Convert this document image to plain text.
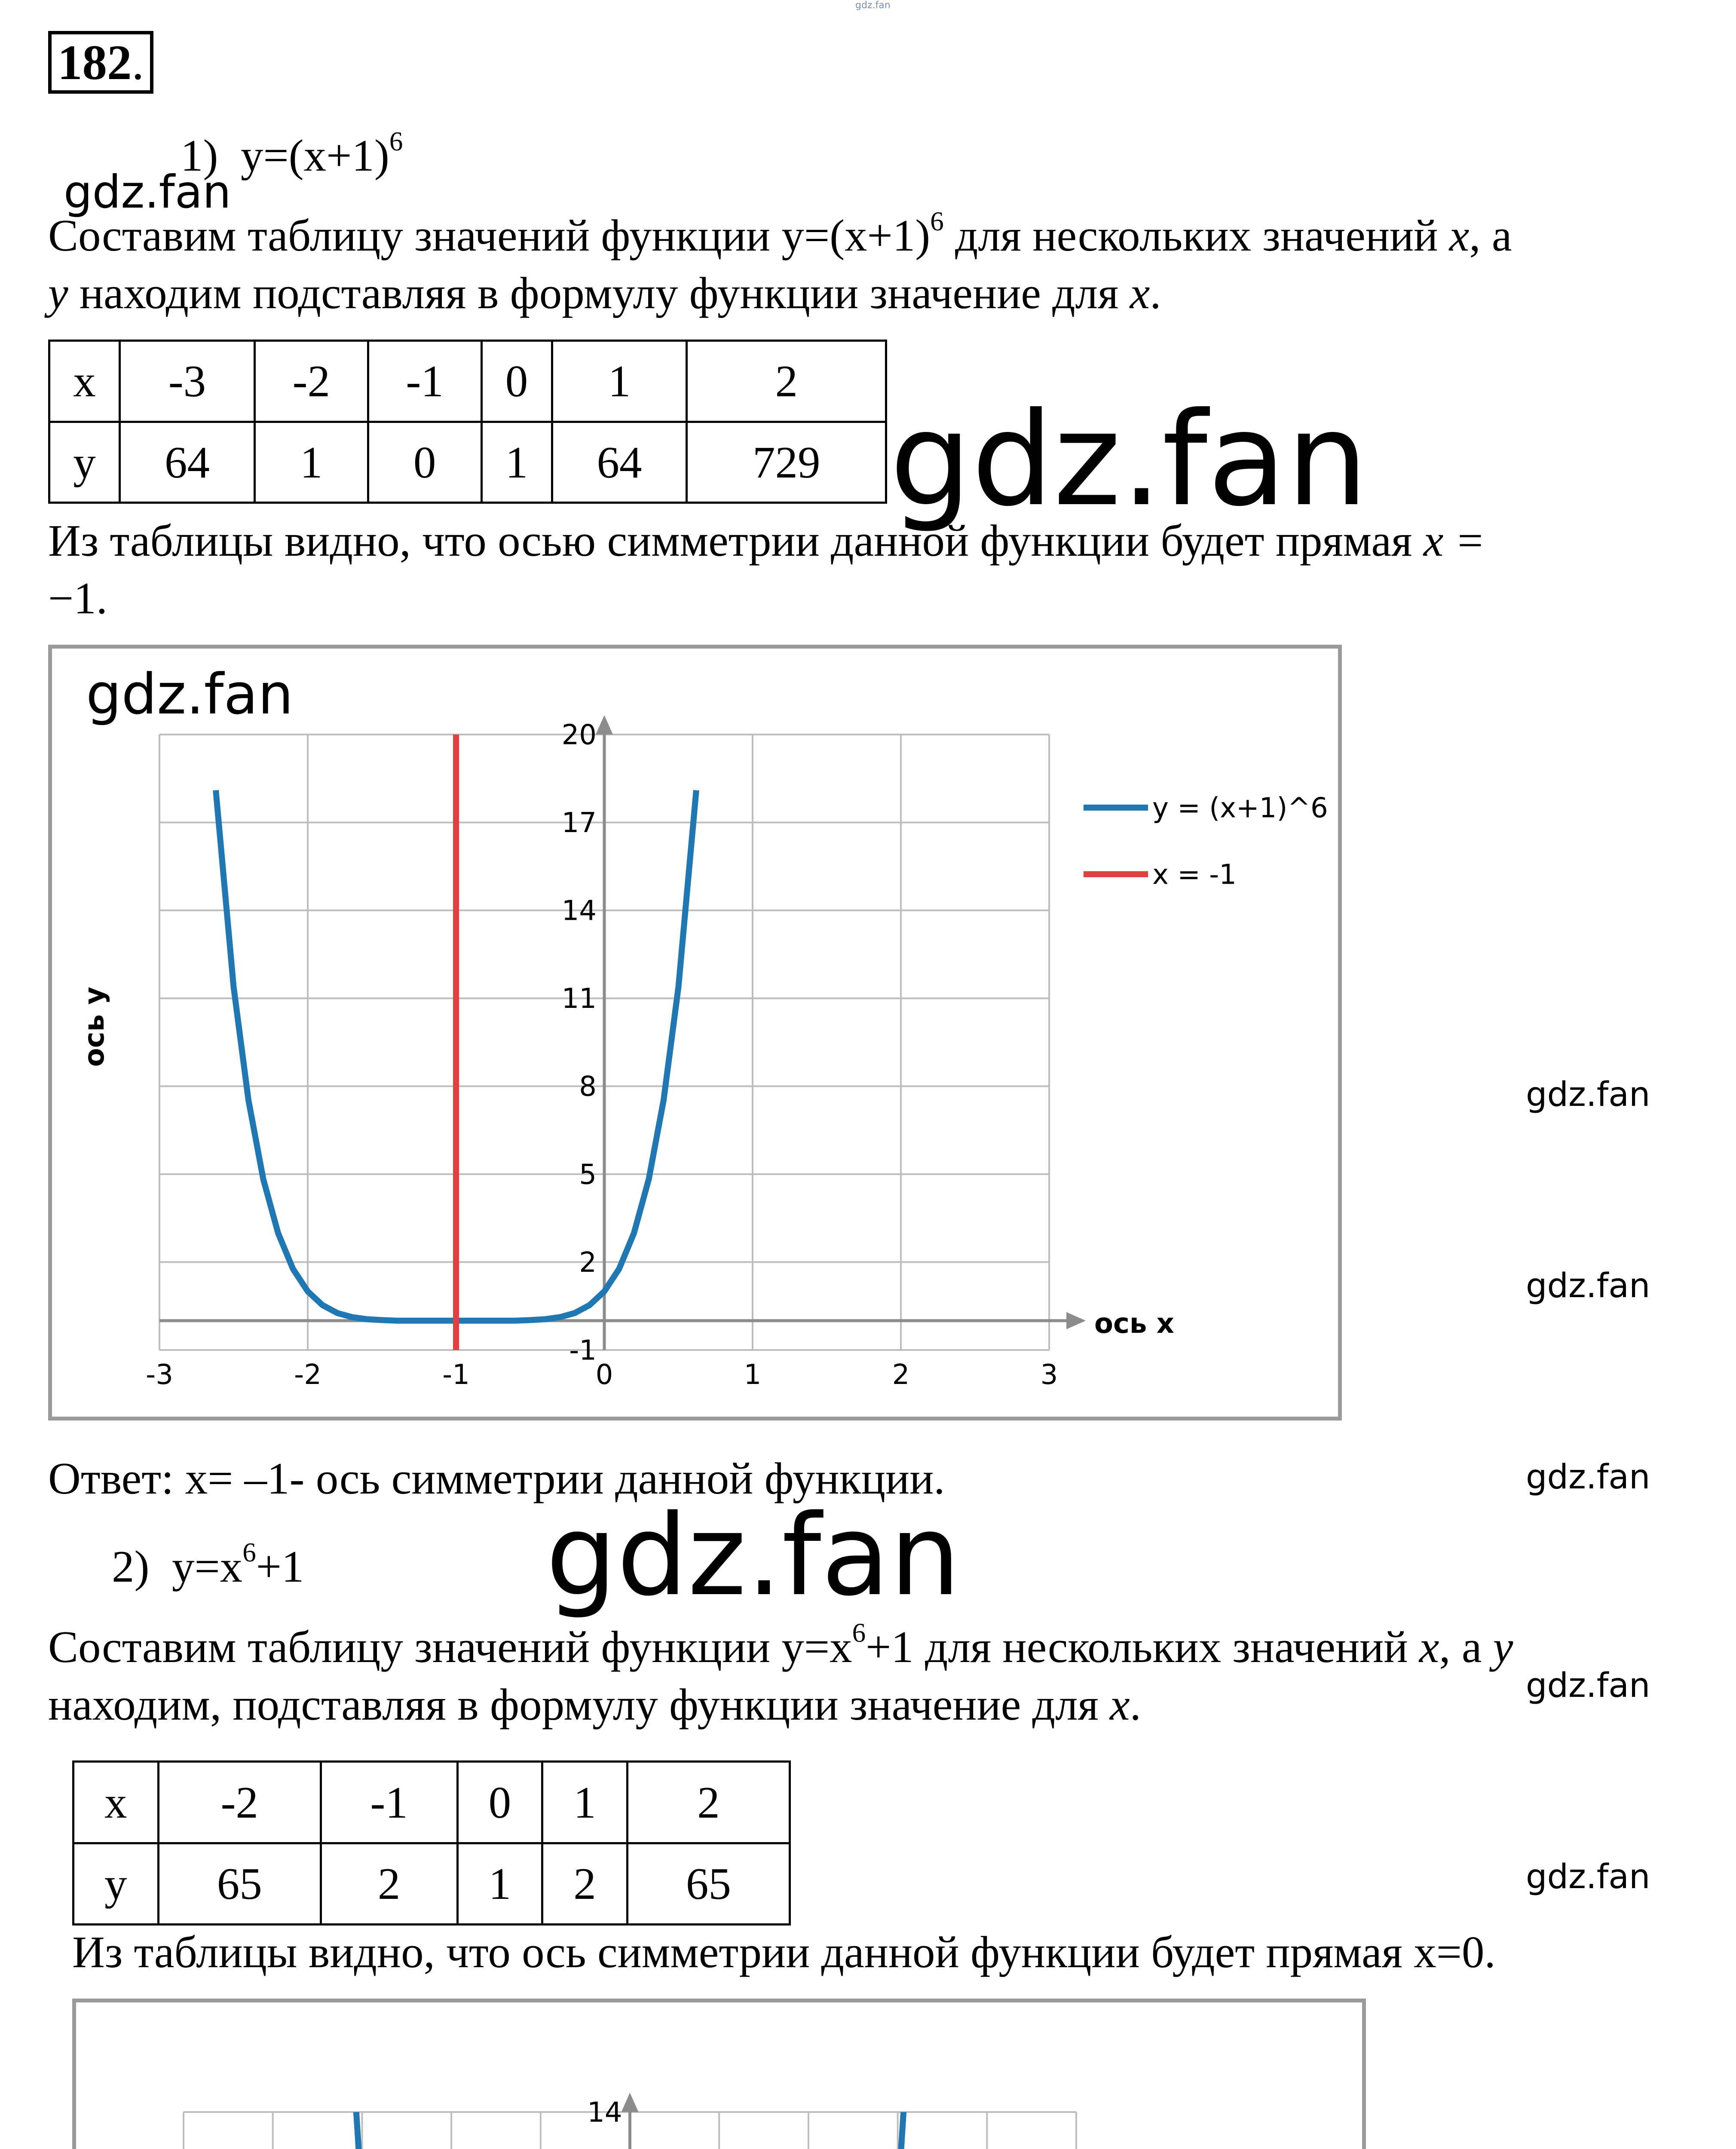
gdz.fan
182.
1) $y=(x+1)^6$
Составим таблицу значений функции $y=(x+1)^6$ для нескольких значений x, а
y находим подставляя в формулу функции значение для x.
x	-3	-2	-1	0	1	2
y	64	1	0	1	64	729
Из таблицы видно, что осью симметрии данной функции будет прямая x =
−1.
-3	-2	-1	0	1	2	3
-1
2
5
8
11
14
17
20
ось x
ось y
y = (x+1)^6
x = -1
Ответ: x= –1- ось симметрии данной функции.
2) $y=x^6+1$
Составим таблицу значений функции $y=x^6+1$ для нескольких значений x, а y
находим, подставляя в формулу функции значение для x.
x	-2	-1	0	1	2
y	65	2	1	2	65
Из таблицы видно, что ось симметрии данной функции будет прямая x=0.
14
gdz.fan
gdz.fan
gdz.fan
gdz.fan
gdz.fan
gdz.fan
gdz.fan
gdz.fan
gdz.fan
